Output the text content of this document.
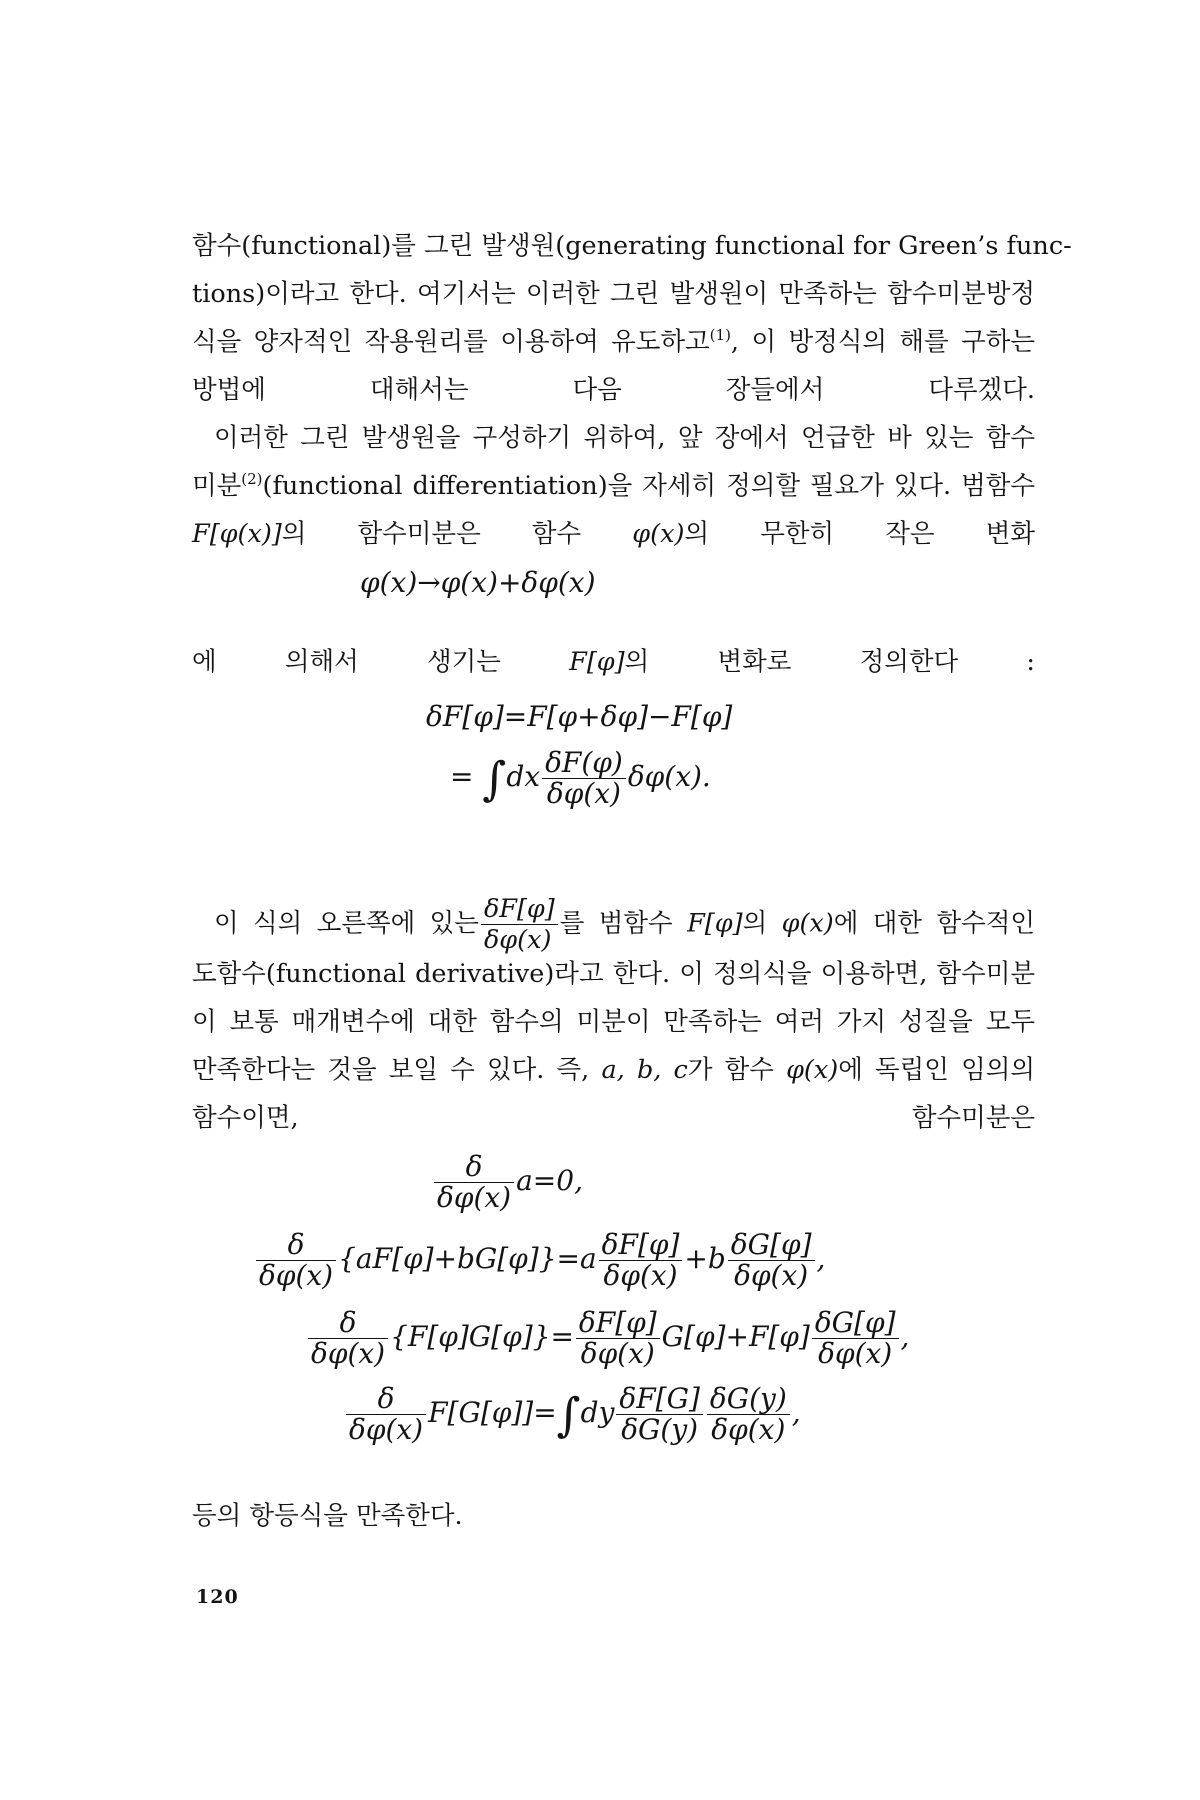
함수(functional)를 그린 발생원(generating functional for Green’s func-
tions)이라고 한다. 여기서는 이러한 그린 발생원이 만족하는 함수미분방정
식을 양자적인 작용원리를 이용하여 유도하고$^{(1)}$, 이 방정식의 해를 구하는
방법에 대해서는 다음 장들에서 다루겠다.
이러한 그린 발생원을 구성하기 위하여, 앞 장에서 언급한 바 있는 함수
미분$^{(2)}$(functional differentiation)을 자세히 정의할 필요가 있다. 범함수
F[φ(x)]의 함수미분은 함수 φ(x)의 무한히 작은 변화
φ(x)→φ(x)+δφ(x)
에 의해서 생기는 F[φ]의 변화로 정의한다 :
δF[φ]=F[φ+δφ]−F[φ]
= $\int dx \frac{\delta F(\varphi)}{\delta\varphi(x)} \delta\varphi(x)$.
이 식의 오른쪽에 있는 $\frac{\delta F[\varphi]}{\delta\varphi(x)}$ 를 범함수 F[φ]의 φ(x)에 대한 함수적인
도함수(functional derivative)라고 한다. 이 정의식을 이용하면, 함수미분
이 보통 매개변수에 대한 함수의 미분이 만족하는 여러 가지 성질을 모두
만족한다는 것을 보일 수 있다. 즉, a, b, c가 함수 φ(x)에 독립인 임의의
함수이면, 함수미분은
$\frac{\delta}{\delta\varphi(x)} a=0$,
$\frac{\delta}{\delta\varphi(x)} \{aF[\varphi]+bG[\varphi]\}=a \frac{\delta F[\varphi]}{\delta\varphi(x)} +b \frac{\delta G[\varphi]}{\delta\varphi(x)}$ ,
$\frac{\delta}{\delta\varphi(x)} \{F[\varphi]G[\varphi]\}= \frac{\delta F[\varphi]}{\delta\varphi(x)} G[\varphi]+F[\varphi] \frac{\delta G[\varphi]}{\delta\varphi(x)}$ ,
$\frac{\delta}{\delta\varphi(x)} F[G[\varphi]]=\int dy \frac{\delta F[G]}{\delta G(y)} \frac{\delta G(y)}{\delta\varphi(x)}$ ,
등의 항등식을 만족한다.
120
